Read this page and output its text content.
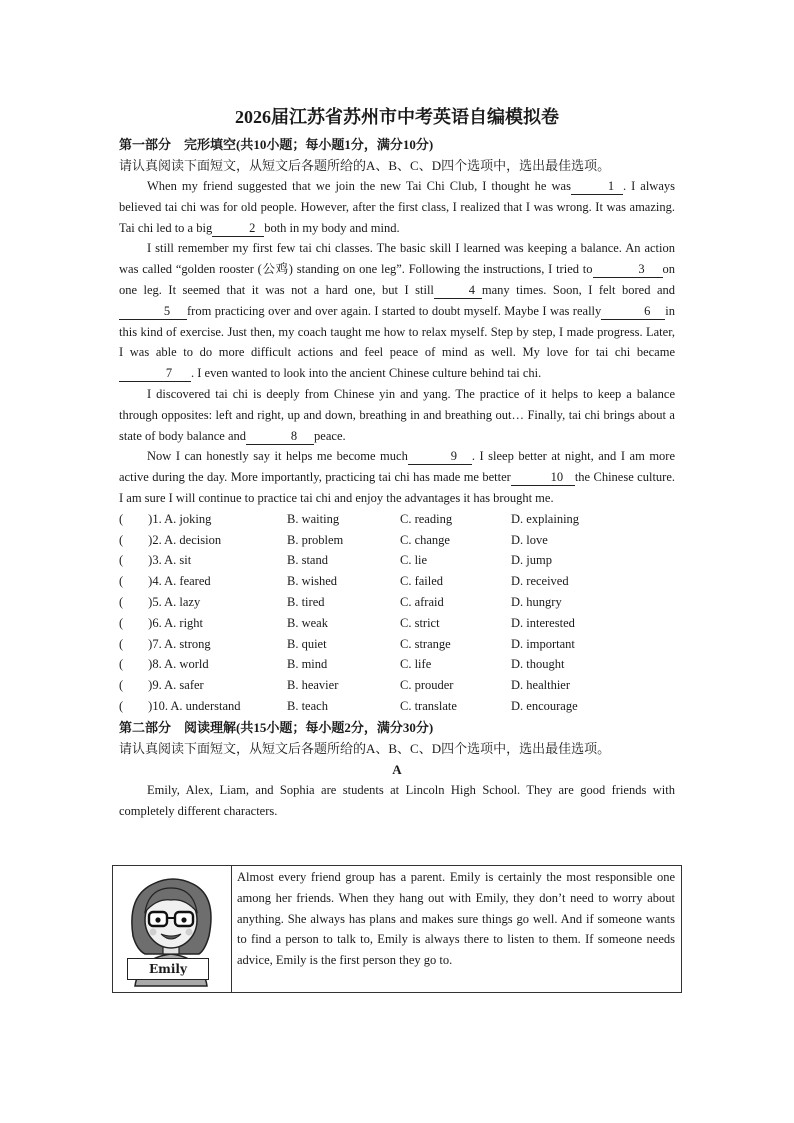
2026届江苏省苏州市中考英语自编模拟卷
第一部分　完形填空(共10小题；每小题1分，满分10分)
请认真阅读下面短文，从短文后各题所给的A、B、C、D四个选项中，选出最佳选项。

When my friend suggested that we join the new Tai Chi Club, I thought he was	1 . I always believed tai chi was for old people. However, after the first class, I realized that I was wrong. It was amazing. Tai chi led to a big	2 both in my body and mind.

I still remember my first few tai chi classes. The basic skill I learned was keeping a balance. An action was called “golden rooster (公鸡) standing on one leg”. Following the instructions, I tried to	3 on one leg. It seemed that it was not a hard one, but I still	4 many times. Soon, I felt bored and5 from practicing over and over again. I started to doubt myself. Maybe I was really	6 in this kind of exercise. Just then, my coach taught me how to relax myself. Step by step, I made progress. Later, I was able to do more difficult actions and feel peace of mind as well. My love for tai chi became7 . I even wanted to look into the ancient Chinese culture behind tai chi.

I discovered tai chi is deeply from Chinese yin and yang. The practice of it helps to keep a balance through opposites: left and right, up and down, breathing in and breathing out… Finally, tai chi brings about a state of body balance and	8 peace.

Now I can honestly say it helps me become much	9 . I sleep better at night, and I am more active during the day. More importantly, practicing tai chi has made me better	10 the Chinese culture. I am sure I will continue to practice tai chi and enjoy the advantages it has brought me.

(　　)1. A. joking	B. waiting	C. reading	D. explaining
(　　)2. A. decision	B. problem	C. change	D. love
(　　)3. A. sit	B. stand	C. lie	D. jump
(　　)4. A. feared	B. wished	C. failed	D. received
(　　)5. A. lazy	B. tired	C. afraid	D. hungry
(　　)6. A. right	B. weak	C. strict	D. interested
(　　)7. A. strong	B. quiet	C. strange	D. important
(　　)8. A. world	B. mind	C. life	D. thought
(　　)9. A. safer	B. heavier	C. prouder	D. healthier
(　　)10. A. understand	B. teach	C. translate	D. encourage
第二部分　阅读理解(共15小题；每小题2分，满分30分)
请认真阅读下面短文，从短文后各题所给的A、B、C、D四个选项中，选出最佳选项。
A

Emily, Alex, Liam, and Sophia are students at Lincoln High School. They are good friends with completely different characters.

Emily
Almost every friend group has a parent. Emily is certainly the most responsible one among her friends. When they hang out with Emily, they don’t need to worry about anything. She always has plans and makes sure things go well. And if someone wants to find a person to talk to, Emily is always there to listen to them. If someone needs advice, Emily is the first person they go to.
